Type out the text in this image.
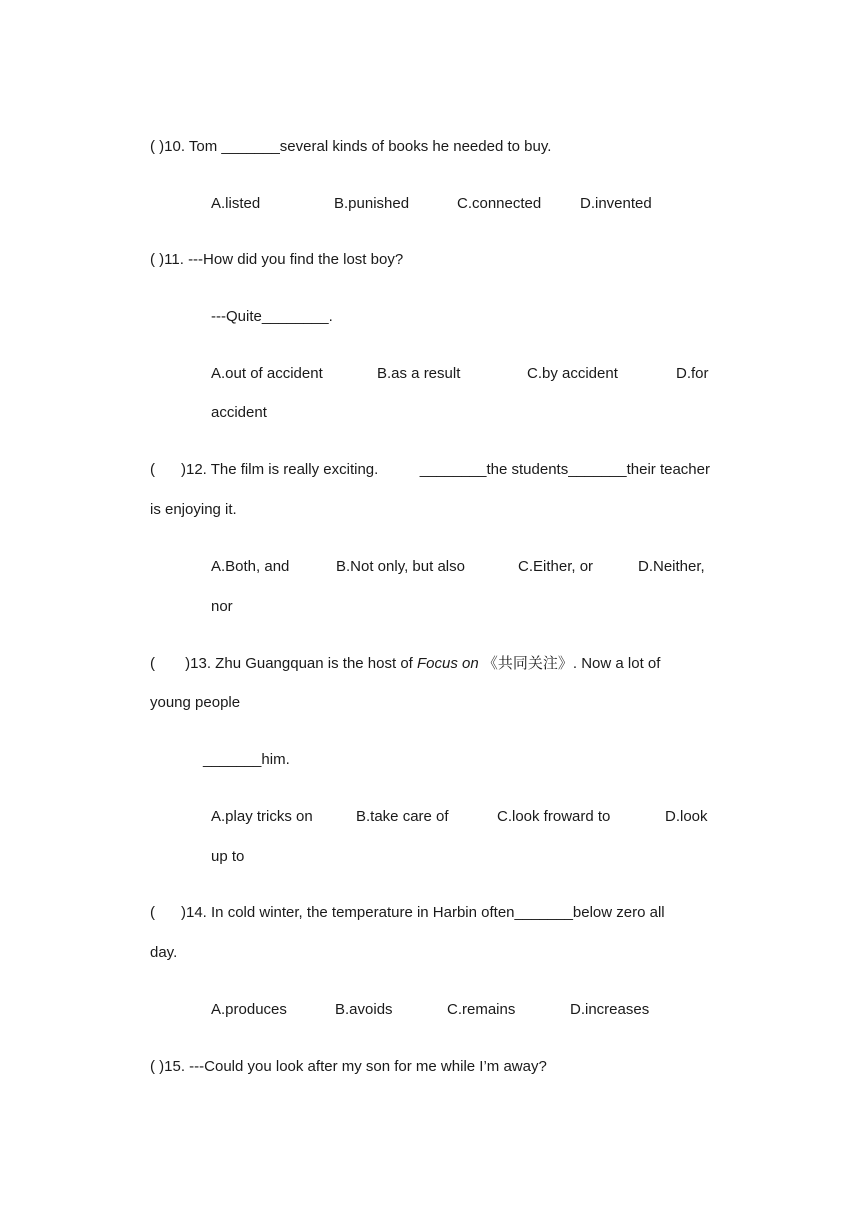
( )10. Tom _______several kinds of books he needed to buy.
A.listed	B.punished	C.connected	D.invented
( )11. ---How did you find the lost boy?
---Quite________.
A.out of accident	B.as a result	C.by accident	D.for
accident
( )12. The film is really exciting.	________the students_______their teacher
is enjoying it.
A.Both, and	B.Not only, but also	C.Either, or	D.Neither,
nor
( )13. Zhu Guangquan is the host of Focus on 《共同关注》. Now a lot of
young people
_______him.
A.play tricks on	B.take care of	C.look froward to	D.look
up to
( )14. In cold winter, the temperature in Harbin often_______below zero all
day.
A.produces	B.avoids	C.remains	D.increases
( )15. ---Could you look after my son for me while I’m away?
